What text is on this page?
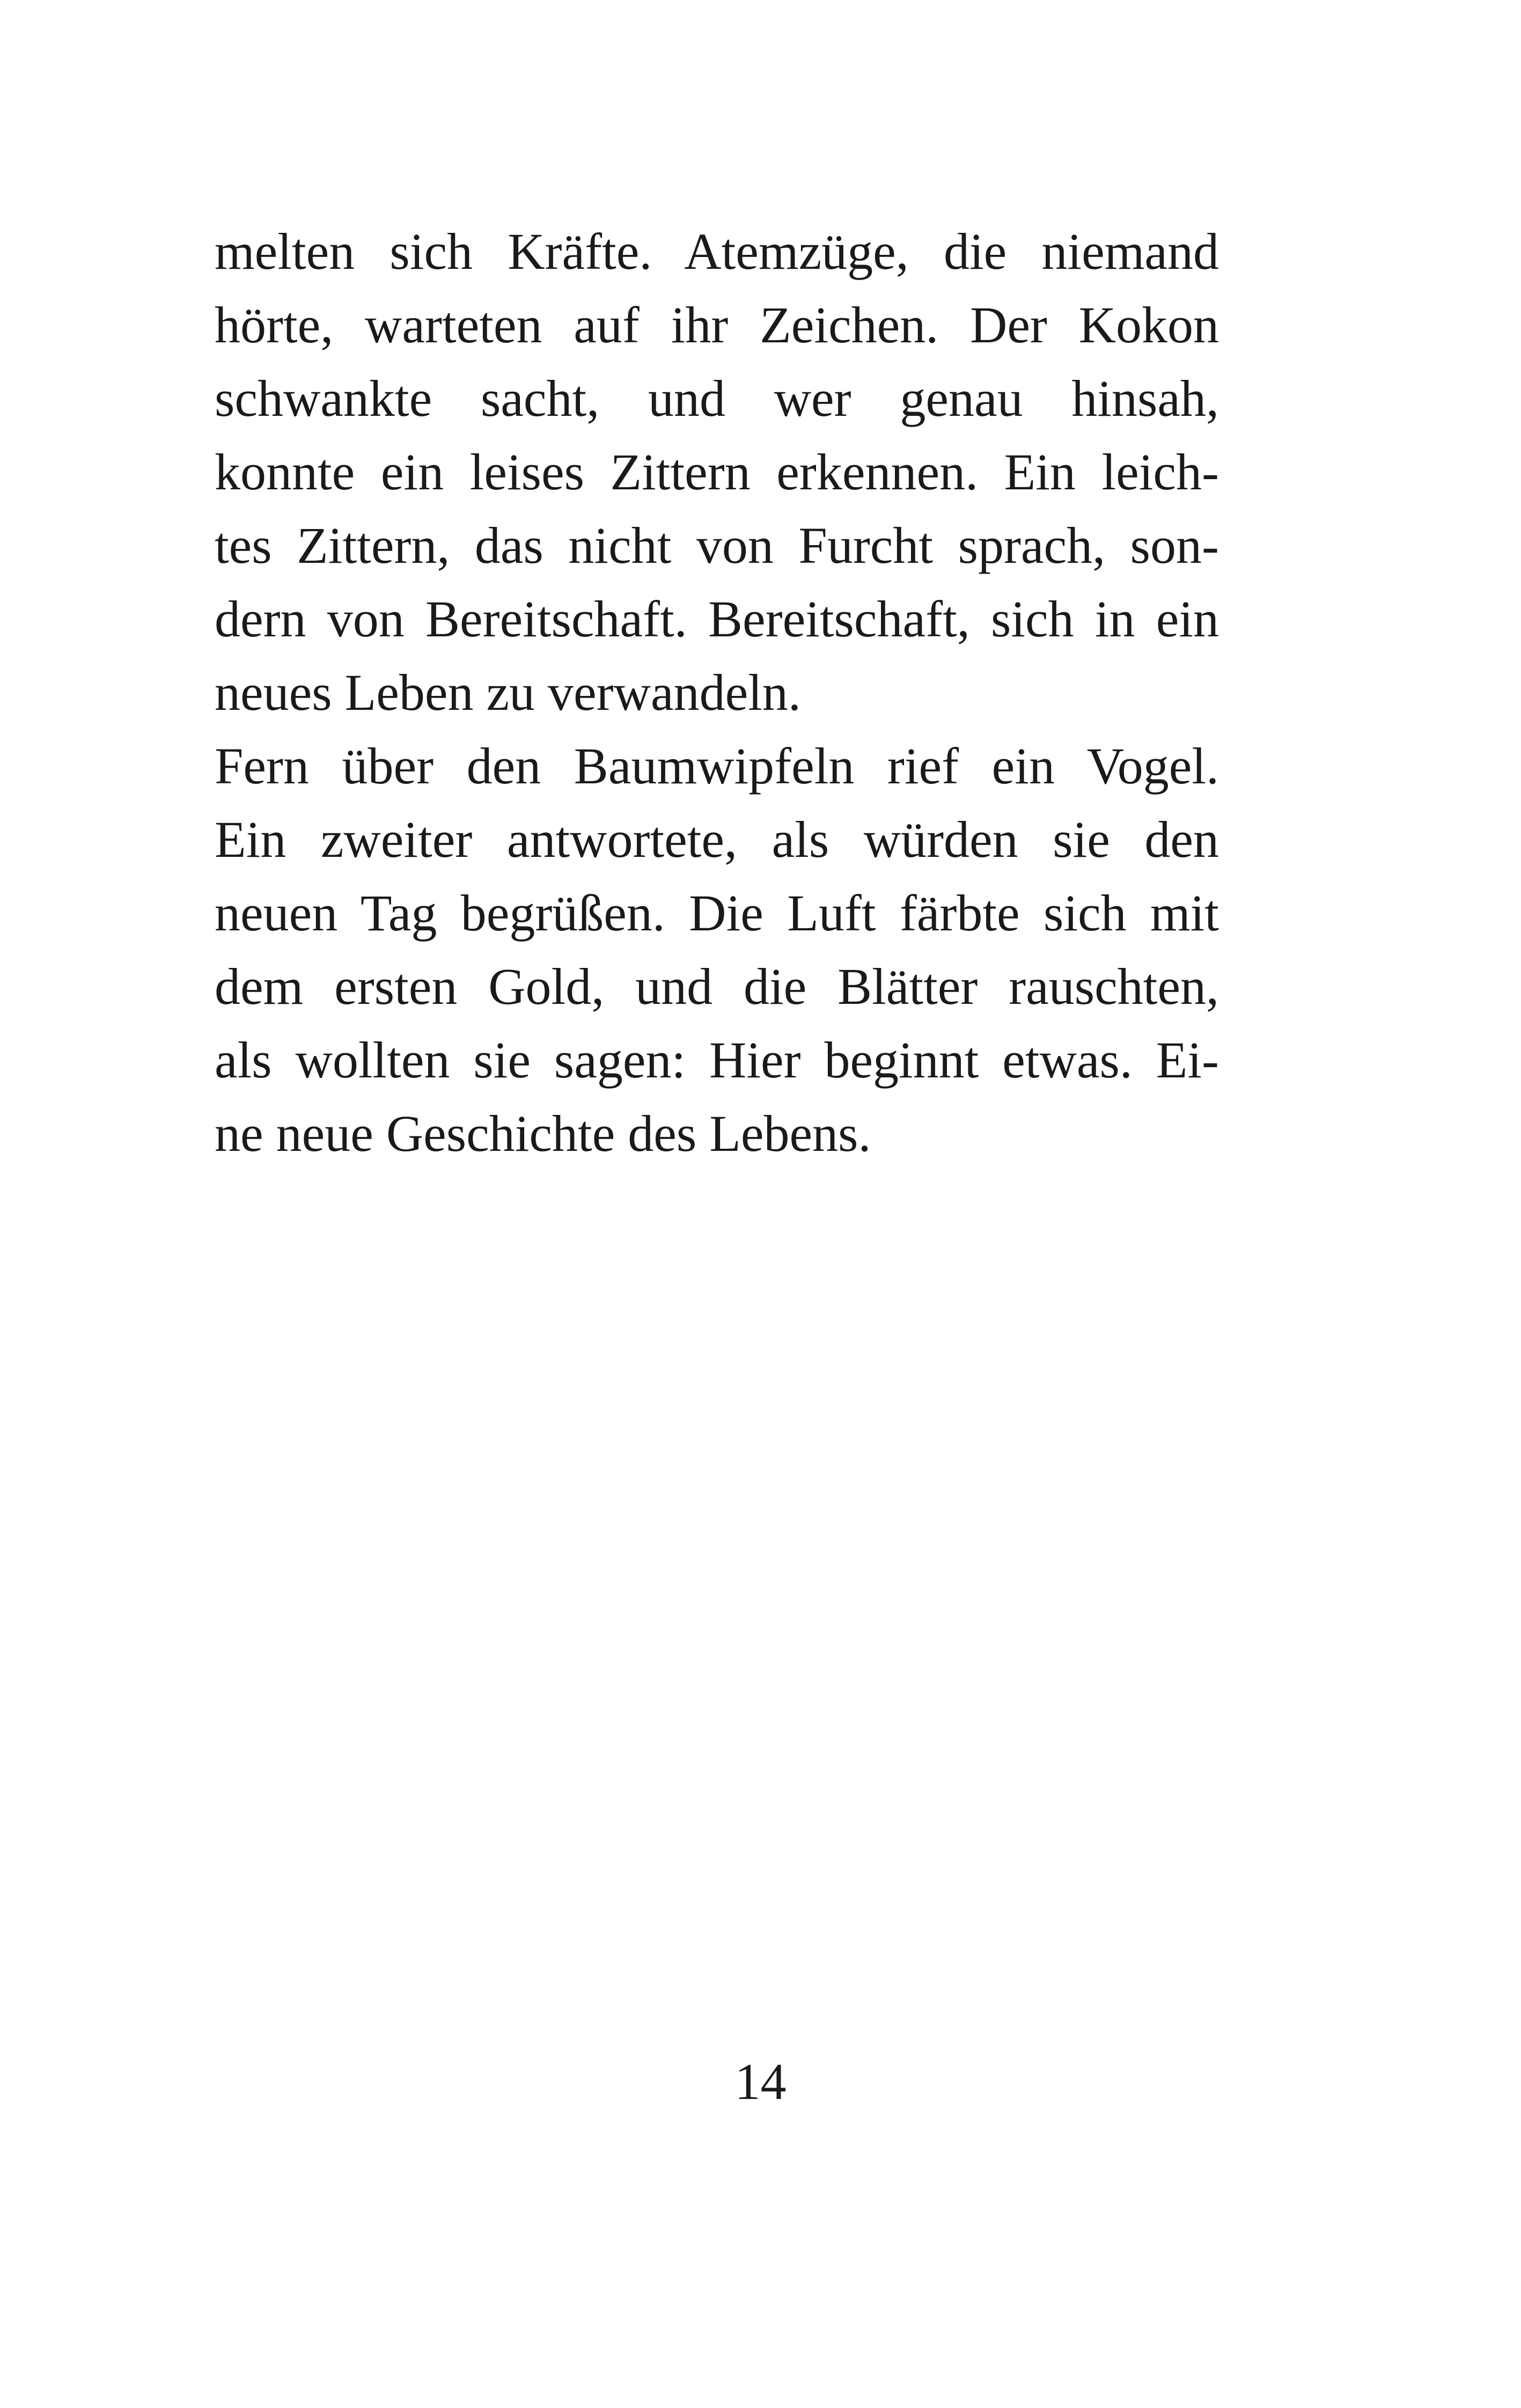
melten sich Kräfte. Atemzüge, die niemand
hörte, warteten auf ihr Zeichen. Der Kokon
schwankte sacht, und wer genau hinsah,
konnte ein leises Zittern erkennen. Ein leich-
tes Zittern, das nicht von Furcht sprach, son-
dern von Bereitschaft. Bereitschaft, sich in ein
neues Leben zu verwandeln.
Fern über den Baumwipfeln rief ein Vogel.
Ein zweiter antwortete, als würden sie den
neuen Tag begrüßen. Die Luft färbte sich mit
dem ersten Gold, und die Blätter rauschten,
als wollten sie sagen: Hier beginnt etwas. Ei-
ne neue Geschichte des Lebens.
14
